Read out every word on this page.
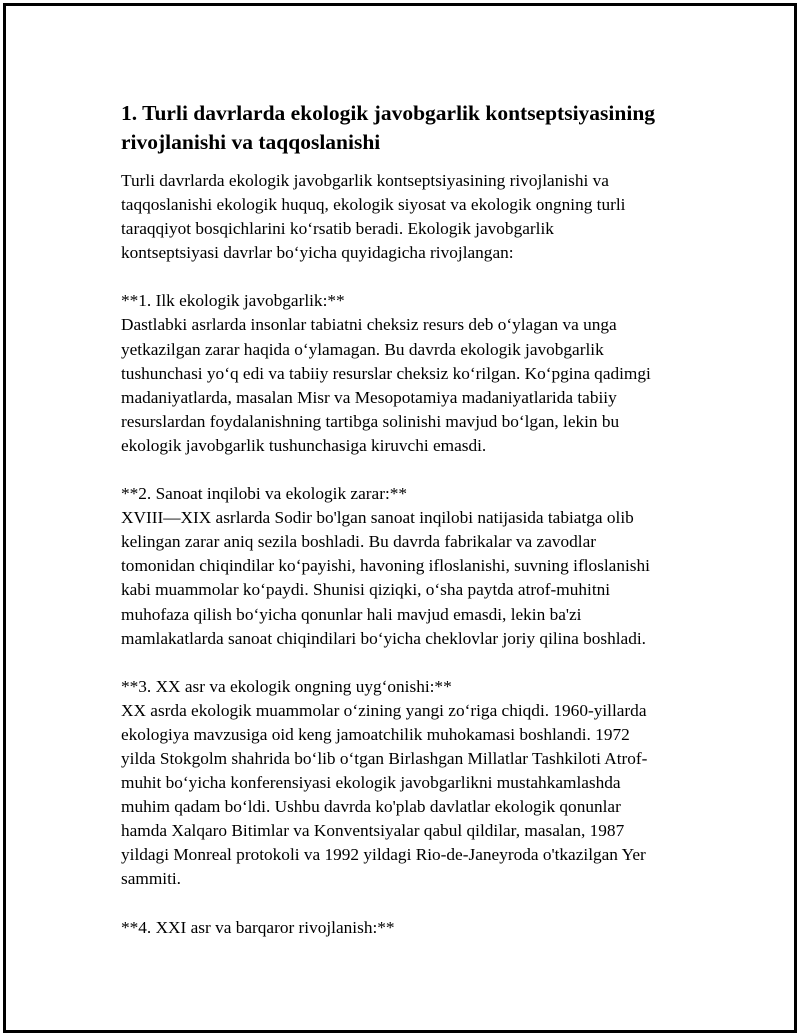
1. Turli davrlarda ekologik javobgarlik kontseptsiyasining
rivojlanishi va taqqoslanishi

Turli davrlarda ekologik javobgarlik kontseptsiyasining rivojlanishi va
taqqoslanishi ekologik huquq, ekologik siyosat va ekologik ongning turli
taraqqiyot bosqichlarini ko‘rsatib beradi. Ekologik javobgarlik
kontseptsiyasi davrlar bo‘yicha quyidagicha rivojlangan:

**1. Ilk ekologik javobgarlik:**
Dastlabki asrlarda insonlar tabiatni cheksiz resurs deb o‘ylagan va unga
yetkazilgan zarar haqida o‘ylamagan. Bu davrda ekologik javobgarlik
tushunchasi yo‘q edi va tabiiy resurslar cheksiz ko‘rilgan. Ko‘pgina qadimgi
madaniyatlarda, masalan Misr va Mesopotamiya madaniyatlarida tabiiy
resurslardan foydalanishning tartibga solinishi mavjud bo‘lgan, lekin bu
ekologik javobgarlik tushunchasiga kiruvchi emasdi.

**2. Sanoat inqilobi va ekologik zarar:**
XVIII—XIX asrlarda Sodir bo'lgan sanoat inqilobi natijasida tabiatga olib
kelingan zarar aniq sezila boshladi. Bu davrda fabrikalar va zavodlar
tomonidan chiqindilar ko‘payishi, havoning ifloslanishi, suvning ifloslanishi
kabi muammolar ko‘paydi. Shunisi qiziqki, o‘sha paytda atrof-muhitni
muhofaza qilish bo‘yicha qonunlar hali mavjud emasdi, lekin ba'zi
mamlakatlarda sanoat chiqindilari bo‘yicha cheklovlar joriy qilina boshladi.

**3. XX asr va ekologik ongning uyg‘onishi:**
XX asrda ekologik muammolar o‘zining yangi zo‘riga chiqdi. 1960-yillarda
ekologiya mavzusiga oid keng jamoatchilik muhokamasi boshlandi. 1972
yilda Stokgolm shahrida bo‘lib o‘tgan Birlashgan Millatlar Tashkiloti Atrof-
muhit bo‘yicha konferensiyasi ekologik javobgarlikni mustahkamlashda
muhim qadam bo‘ldi. Ushbu davrda ko'plab davlatlar ekologik qonunlar
hamda Xalqaro Bitimlar va Konventsiyalar qabul qildilar, masalan, 1987
yildagi Monreal protokoli va 1992 yildagi Rio-de-Janeyroda o'tkazilgan Yer
sammiti.

**4. XXI asr va barqaror rivojlanish:**
